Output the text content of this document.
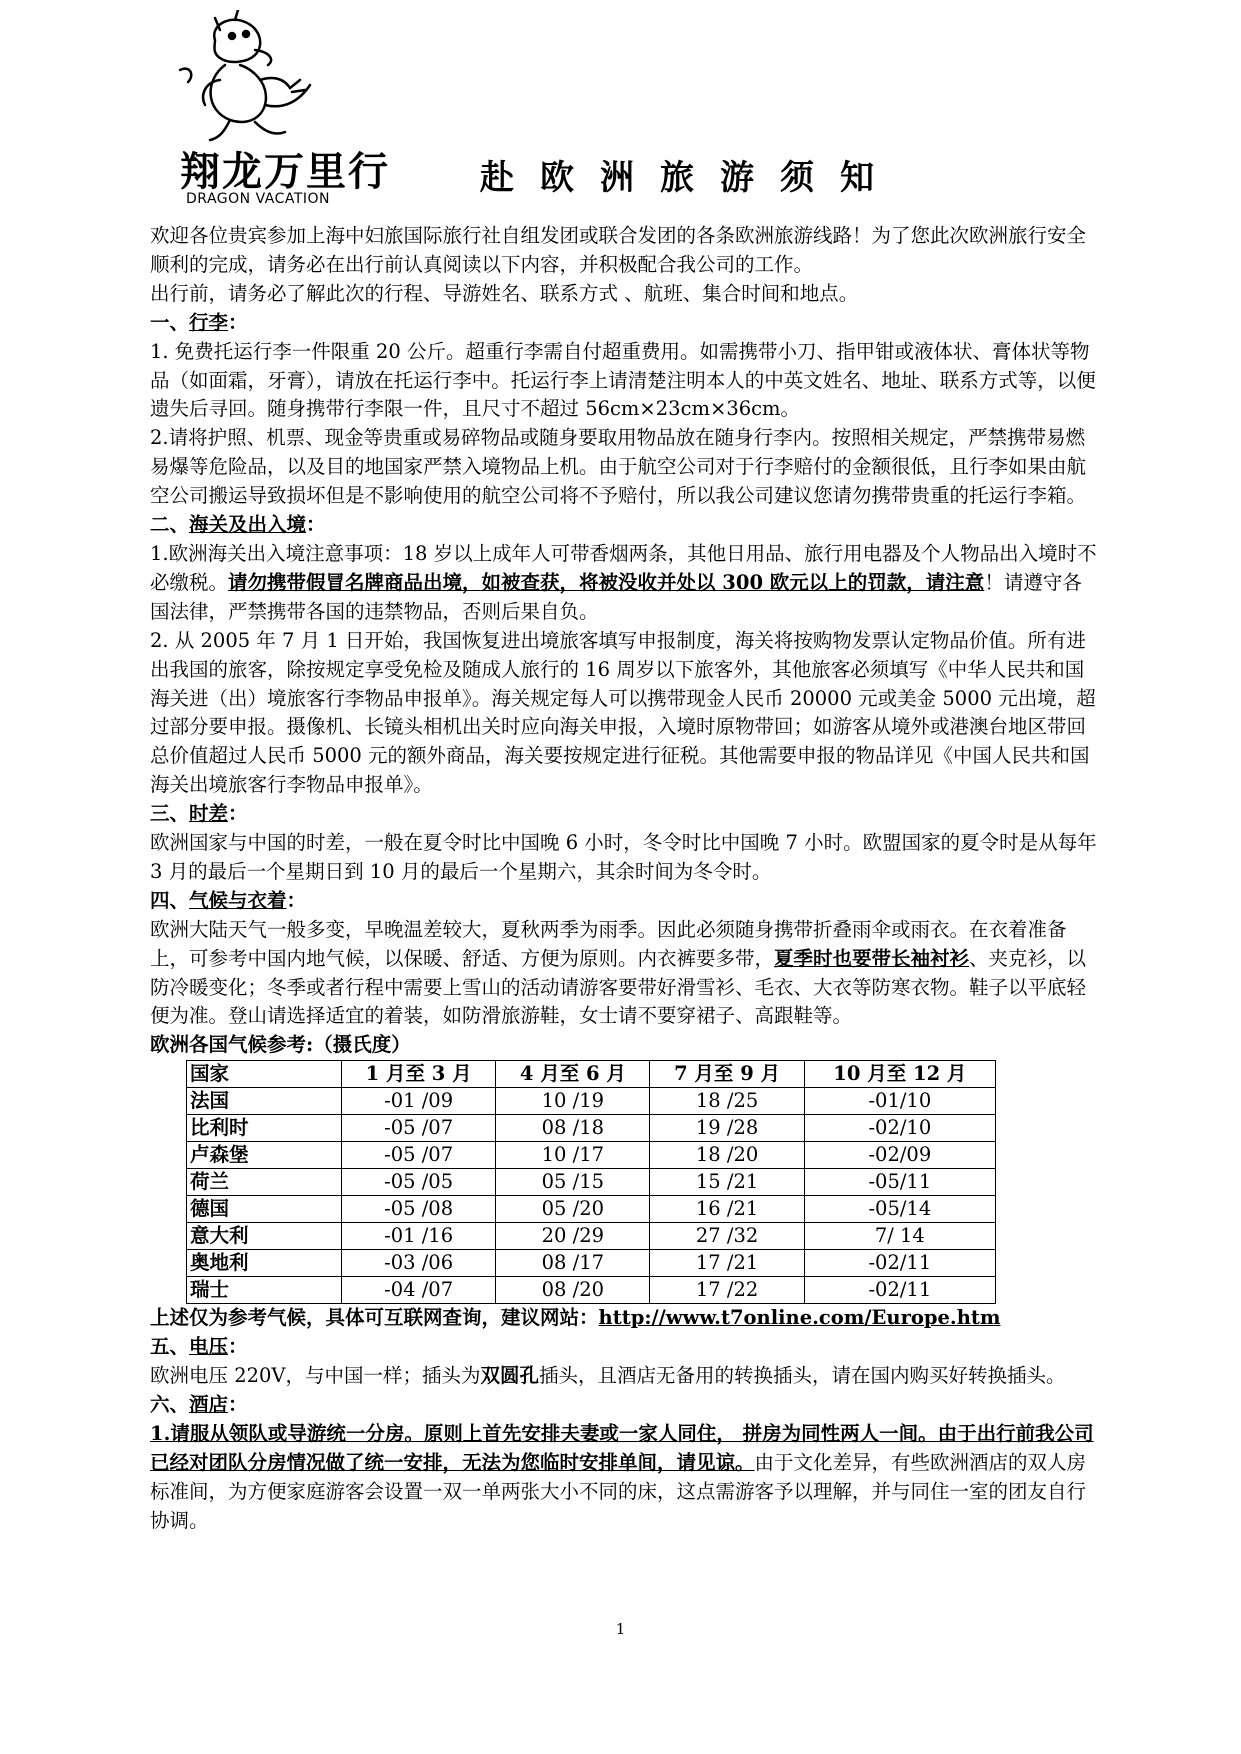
翔龙万里行
DRAGON VACATION
赴欧洲旅游须知

欢迎各位贵宾参加上海中妇旅国际旅行社自组发团或联合发团的各条欧洲旅游线路！为了您此次欧洲旅行安全顺利的完成，请务必在出行前认真阅读以下内容，并积极配合我公司的工作。

出行前，请务必了解此次的行程、导游姓名、联系方式 、航班、集合时间和地点。

一、行李：

1. 免费托运行李一件限重 20 公斤。超重行李需自付超重费用。如需携带小刀、指甲钳或液体状、膏体状等物品（如面霜，牙膏），请放在托运行李中。托运行李上请清楚注明本人的中英文姓名、地址、联系方式等，以便遗失后寻回。随身携带行李限一件，且尺寸不超过 56cm×23cm×36cm。

2.请将护照、机票、现金等贵重或易碎物品或随身要取用物品放在随身行李内。按照相关规定，严禁携带易燃易爆等危险品，以及目的地国家严禁入境物品上机。由于航空公司对于行李赔付的金额很低，且行李如果由航空公司搬运导致损坏但是不影响使用的航空公司将不予赔付，所以我公司建议您请勿携带贵重的托运行李箱。

二、海关及出入境：

1.欧洲海关出入境注意事项：18 岁以上成年人可带香烟两条，其他日用品、旅行用电器及个人物品出入境时不必缴税。请勿携带假冒名牌商品出境，如被查获，将被没收并处以 300 欧元以上的罚款，请注意！请遵守各国法律，严禁携带各国的违禁物品，否则后果自负。

2. 从 2005 年 7 月 1 日开始，我国恢复进出境旅客填写申报制度，海关将按购物发票认定物品价值。所有进出我国的旅客，除按规定享受免检及随成人旅行的 16 周岁以下旅客外，其他旅客必须填写《中华人民共和国海关进（出）境旅客行李物品申报单》。海关规定每人可以携带现金人民币 20000 元或美金 5000 元出境，超过部分要申报。摄像机、长镜头相机出关时应向海关申报，入境时原物带回；如游客从境外或港澳台地区带回总价值超过人民币 5000 元的额外商品，海关要按规定进行征税。其他需要申报的物品详见《中国人民共和国海关出境旅客行李物品申报单》。

三、时差：

欧洲国家与中国的时差，一般在夏令时比中国晚 6 小时，冬令时比中国晚 7 小时。欧盟国家的夏令时是从每年 3 月的最后一个星期日到 10 月的最后一个星期六，其余时间为冬令时。

四、气候与衣着：

欧洲大陆天气一般多变，早晚温差较大，夏秋两季为雨季。因此必须随身携带折叠雨伞或雨衣。在衣着准备上，可参考中国内地气候，以保暖、舒适、方便为原则。内衣裤要多带，夏季时也要带长袖衬衫、夹克衫，以防冷暖变化；冬季或者行程中需要上雪山的活动请游客要带好滑雪衫、毛衣、大衣等防寒衣物。鞋子以平底轻便为准。登山请选择适宜的着装，如防滑旅游鞋，女士请不要穿裙子、高跟鞋等。

欧洲各国气候参考:（摄氏度）

国家	1 月至 3 月	4 月至 6 月	7 月至 9 月	10 月至 12 月
法国	-01 /09	10 /19	18 /25	-01/10
比利时	-05 /07	08 /18	19 /28	-02/10
卢森堡	-05 /07	10 /17	18 /20	-02/09
荷兰	-05 /05	05 /15	15 /21	-05/11
德国	-05 /08	05 /20	16 /21	-05/14
意大利	-01 /16	20 /29	27 /32	7/ 14
奥地利	-03 /06	08 /17	17 /21	-02/11
瑞士	-04 /07	08 /20	17 /22	-02/11

上述仅为参考气候，具体可互联网查询，建议网站：http://www.t7online.com/Europe.htm

五、电压：

欧洲电压 220V，与中国一样；插头为双圆孔插头，且酒店无备用的转换插头，请在国内购买好转换插头。

六、酒店：

1.请服从领队或导游统一分房。原则上首先安排夫妻或一家人同住， 拼房为同性两人一间。由于出行前我公司已经对团队分房情况做了统一安排，无法为您临时安排单间，请见谅。由于文化差异，有些欧洲酒店的双人房标准间，为方便家庭游客会设置一双一单两张大小不同的床，这点需游客予以理解，并与同住一室的团友自行协调。

1
